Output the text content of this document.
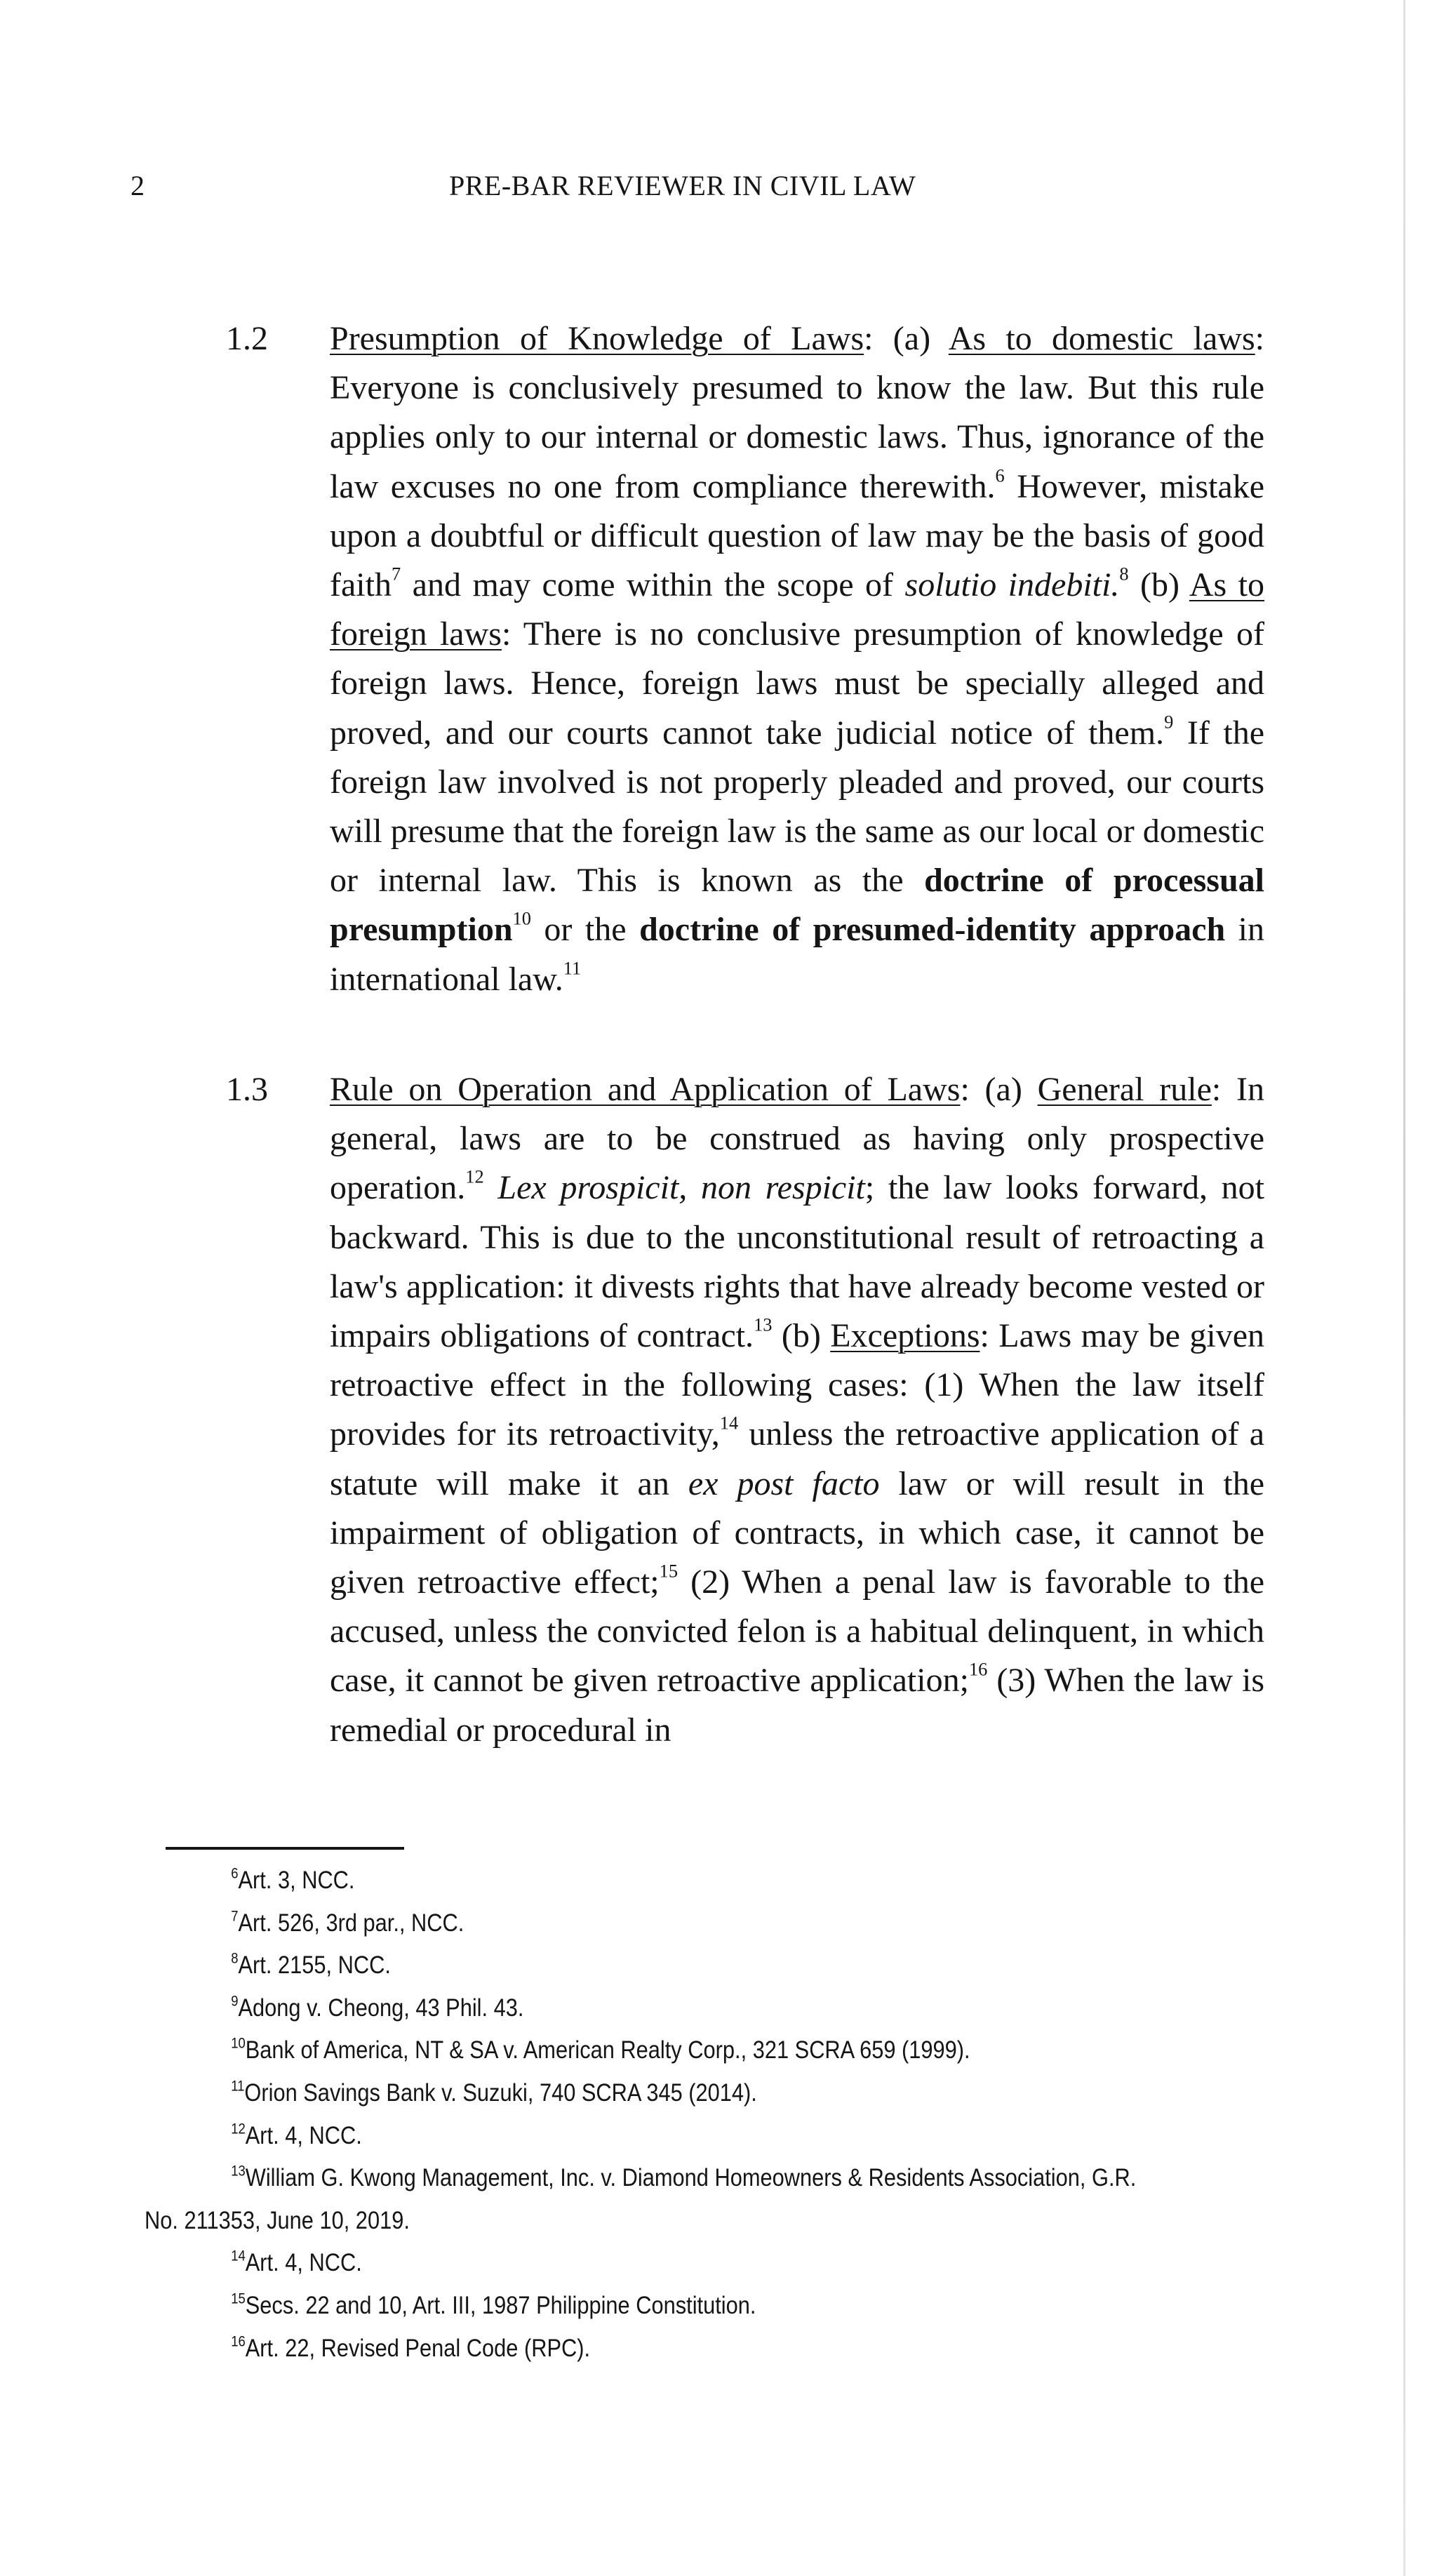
2	PRE-BAR REVIEWER IN CIVIL LAW
1.2 Presumption of Knowledge of Laws: (a) As to domestic laws: Everyone is conclusively presumed to know the law. But this rule applies only to our internal or domestic laws. Thus, ignorance of the law excuses no one from compliance therewith.$^6$ However, mistake upon a doubtful or difficult question of law may be the basis of good faith$^7$ and may come within the scope of solutio indebiti.$^8$ (b) As to foreign laws: There is no conclusive presumption of knowledge of foreign laws. Hence, foreign laws must be specially alleged and proved, and our courts cannot take judicial notice of them.$^9$ If the foreign law involved is not properly pleaded and proved, our courts will presume that the foreign law is the same as our local or domestic or internal law. This is known as the doctrine of processual presumption$^{10}$ or the doctrine of presumed-identity approach in international law.$^{11}$
1.3 Rule on Operation and Application of Laws: (a) General rule: In general, laws are to be construed as having only prospective operation.$^{12}$ Lex prospicit, non respicit; the law looks forward, not backward. This is due to the unconstitutional result of retroacting a law's application: it divests rights that have already become vested or impairs obligations of contract.$^{13}$ (b) Exceptions: Laws may be given retroactive effect in the following cases: (1) When the law itself provides for its retroactivity,$^{14}$ unless the retroactive application of a statute will make it an ex post facto law or will result in the impairment of obligation of contracts, in which case, it cannot be given retroactive effect;$^{15}$ (2) When a penal law is favorable to the accused, unless the convicted felon is a habitual delinquent, in which case, it cannot be given retroactive application;$^{16}$ (3) When the law is remedial or procedural in
$^6$Art. 3, NCC.
$^7$Art. 526, 3rd par., NCC.
$^8$Art. 2155, NCC.
$^9$Adong v. Cheong, 43 Phil. 43.
$^{10}$Bank of America, NT & SA v. American Realty Corp., 321 SCRA 659 (1999).
$^{11}$Orion Savings Bank v. Suzuki, 740 SCRA 345 (2014).
$^{12}$Art. 4, NCC.
$^{13}$William G. Kwong Management, Inc. v. Diamond Homeowners & Residents Association, G.R. No. 211353, June 10, 2019.
$^{14}$Art. 4, NCC.
$^{15}$Secs. 22 and 10, Art. III, 1987 Philippine Constitution.
$^{16}$Art. 22, Revised Penal Code (RPC).
